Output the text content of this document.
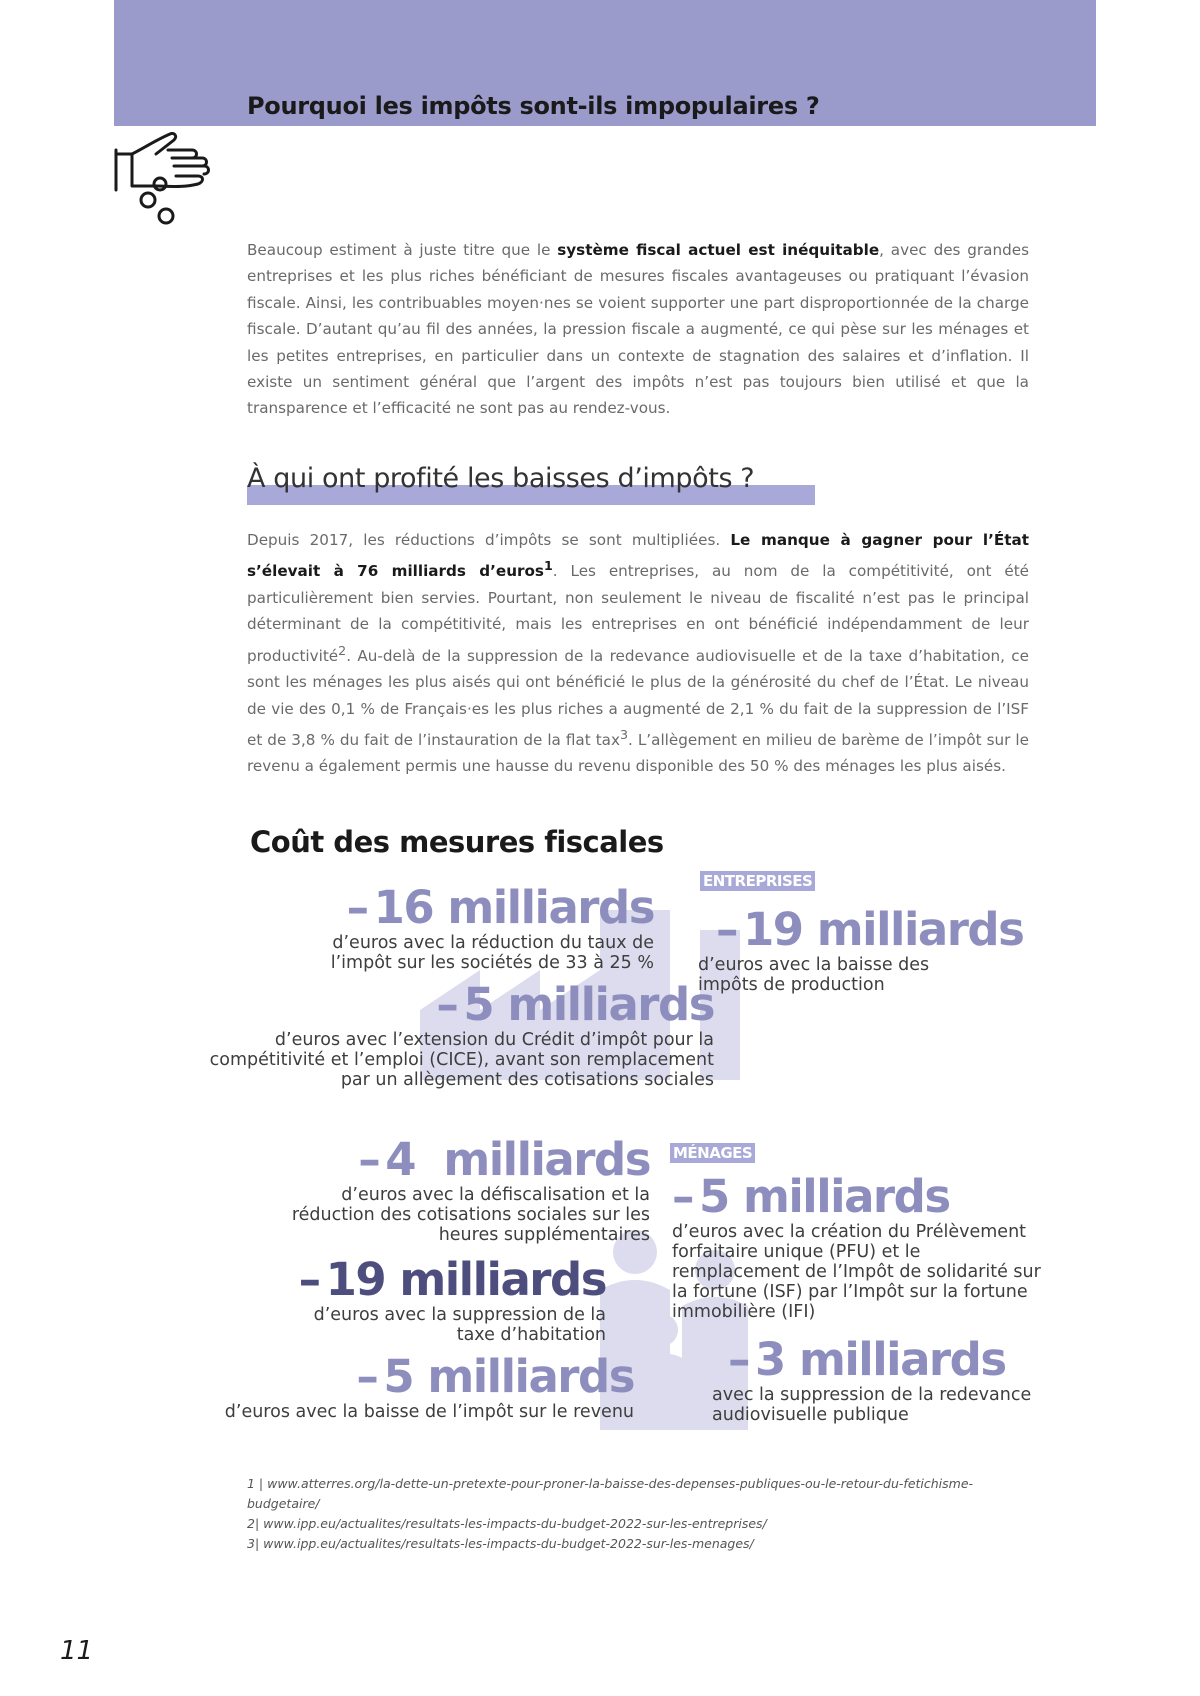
Pourquoi les impôts sont-ils impopulaires ?
Beaucoup estiment à juste titre que le système fiscal actuel est inéquitable, avec des grandes entreprises et les plus riches bénéficiant de mesures fiscales avantageuses ou pratiquant l’évasion fiscale. Ainsi, les contribuables moyen·nes se voient supporter une part disproportionnée de la charge fiscale. D’autant qu’au fil des années, la pression fiscale a augmenté, ce qui pèse sur les ménages et les petites entreprises, en particulier dans un contexte de stagnation des salaires et d’inflation. Il existe un sentiment général que l’argent des impôts n’est pas toujours bien utilisé et que la transparence et l’efficacité ne sont pas au rendez-vous.
À qui ont profité les baisses d’impôts ?
Depuis 2017, les réductions d’impôts se sont multipliées. Le manque à gagner pour l’État s’élevait à 76 milliards d’euros$^1$. Les entreprises, au nom de la compétitivité, ont été particulièrement bien servies. Pourtant, non seulement le niveau de fiscalité n’est pas le principal déterminant de la compétitivité, mais les entreprises en ont bénéficié indépendamment de leur productivité$^2$. Au-delà de la suppression de la redevance audiovisuelle et de la taxe d’habitation, ce sont les ménages les plus aisés qui ont bénéficié le plus de la générosité du chef de l’État. Le niveau de vie des 0,1 % de Français·es les plus riches a augmenté de 2,1 % du fait de la suppression de l’ISF et de 3,8 % du fait de l’instauration de la flat tax$^3$. L’allègement en milieu de barème de l’impôt sur le revenu a également permis une hausse du revenu disponible des 50 % des ménages les plus aisés.
Coût des mesures fiscales
ENTREPRISES
MÉNAGES
– 16 milliards
d’euros avec la réduction du taux de l’impôt sur les sociétés de 33 à 25 %
– 19 milliards
d’euros avec la baisse des impôts de production
– 5 milliards
d’euros avec l’extension du Crédit d’impôt pour la compétitivité et l’emploi (CICE), avant son remplacement par un allègement des cotisations sociales
– 4  milliards
d’euros avec la défiscalisation et la réduction des cotisations sociales sur les heures supplémentaires
– 5 milliards
d’euros avec la création du Prélèvement forfaitaire unique (PFU) et le remplacement de l’Impôt de solidarité sur la fortune (ISF) par l’Impôt sur la fortune immobilière (IFI)
– 19 milliards
d’euros avec la suppression de la taxe d’habitation	– 3 milliards
avec la suppression de la redevance audiovisuelle publique
– 5 milliards
d’euros avec la baisse de l’impôt sur le revenu
1 | www.atterres.org/la-dette-un-pretexte-pour-proner-la-baisse-des-depenses-publiques-ou-le-retour-du-fetichisme-budgetaire/
2| www.ipp.eu/actualites/resultats-les-impacts-du-budget-2022-sur-les-entreprises/
3| www.ipp.eu/actualites/resultats-les-impacts-du-budget-2022-sur-les-menages/
11
